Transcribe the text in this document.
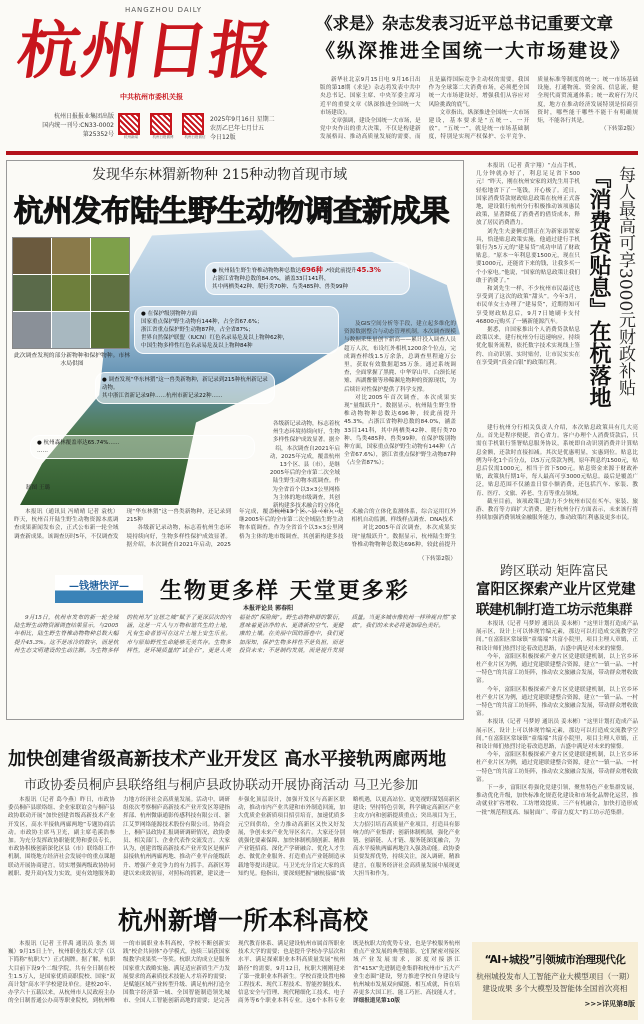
HANGZHOU DAILY
杭州日报
中共杭州市委机关报
杭州日报报业集团出版
国内统一刊号:CN33-0002
第25352号	杭州新闻	杭州日报微博	杭州日报微信
2025年9月16日 星期二
农历乙巳年七月廿五
今日12版
《求是》杂志发表习近平总书记重要文章
《纵深推进全国统一大市场建设》

新华社北京9月15日电 9月16日出版的第18期《求是》杂志将发表中共中央总书记、国家主席、中央军委主席习近平的重要文章《纵深推进全国统一大市场建设》。

文章强调，建设全国统一大市场，是党中央作出的重大决策，不仅是构建新发展格局、推动高质量发展的需要，而且是赢得国际竞争主动权的需要。我国作为全球第二大消费市场，必须把全国统一大市场建设好，增强我们从容应对风险挑战的底气。

文章指出，纵深推进全国统一大市场建设，基本要求是“五统一、一开放”。“五统一”，就是统一市场基础制度，特别是实现产权保护、公平竞争、质量标准等制度的统一；统一市场基础设施，打通物流、资金流、信息流，健全现代商贸流通体系；统一政府行为尺度，地方在推动经济发展特别是招商引资时，哪些能干哪些不能干有明确规矩，不能各行其是。

（下转第2版）
发现华东林猬新物种 215种动物首现市域
杭州发布陆生野生动物调查新成果
此次调查发现的部分新物种和保护物种。市林水局供图
● 杭州陆生野生脊椎动物物种总数达696种 ↗较此前提升45.3%
占浙江省物种总数的84.0%，涵盖33目141科，
其中两栖类42种、爬行类70种、鸟类485种、兽类99种
● 在保护级别物种方面
国家重点保护野生动物有144种，占全省67.6%；
浙江省重点保护野生动物87种，占全省87%；
世界自然保护联盟（IUCN）红色名录易危及以上物种62种，
中国生物多样性红色名录易危及以上物种84种
● 调查发现“华东林猬”这一兽类新物种，新记录到215种杭州新记录动物。
其中浙江省新记录9种……杭州市新记录22种……
● 杭州森林覆盖率达65.74%……
……
制图 王璐

及GIS空间分析等手段，建立起多维化的资源数据整合与动态管理机制。本次调查规模与数据采集量创下新高——累计投入调查人员超万人次，布设红外相机1200余个位点，完成调查样线1.5万余条，总调查里程逾万公里，获取有效数据超35万条。通过系统调查，全面掌握了黑麂、中华穿山甲、白颈长尾雉、西湖鳖鳌等珍稀濒危物种的资源现状，为后续针对性保护提供了科学支撑。

对比2005年首次调查，本次成果实现“量级跃升”。数据显示，杭州陆生野生脊椎动物物种总数达696种，较此前提升45.3%，占浙江省物种总数的84.0%，涵盖33目141科，其中两栖类42种、爬行类70种、鸟类485种、兽类99种。在保护级别物种方面，国家重点保护野生动物有144种（占全省67.6%），浙江省重点保护野生动物87种（占全省87%）；

各级新记录动物，标志着杭州生态环境持续向好，生物多样性保护成效显著。据介绍，本次调查自2021年启动，2025年完成，覆盖杭州13个区、县（市），是继2005年后的全市第二次全域陆生野生动物本底调查。作为全省首个以3×3公里网格为主体的地市级调查，其创新构建多技术融合的立体化

本报讯（通讯员 冯晴晴 记者 袁枕）昨天，杭州召开陆生野生动物资源本底调查成果新闻发布会，正式公布新一轮全域调查新成果。该调查历时5年，不仅调查发现“华东林猬”这一兽类新物种，还记录到215种

各级新记录动物，标志着杭州生态环境持续向好，生物多样性保护成效显著。据介绍，本次调查自2021年启动，2025年完成，覆盖杭州13个区、县（市），是继2005年后的全市第二次全域陆生野生动物本底调查。作为全省首个以3×3公里网格为主体的地市级调查，其创新构建多技术融合的立体化监测体系，综合运用红外相机自动监测、样线样点调查、DNA技术

对比2005年首次调查，本次成果实现“量级跃升”。数据显示，杭州陆生野生脊椎动物物种总数达696种，较此前提升

（下转第2版）
—钱塘快评—	生物更多样 天堂更多彩
本报评论员 郭春阳

9月15日，杭州市发布的新一轮全域陆生野生动物资源调查结果显示，与2005年相比，陆生野生脊椎动物物种总数大幅提升45.3%。这不是冰冷的数字，而是杭州生态文明建设的生动注脚。为生物多样的杭州为“宜居之城”赋予了更深层次的内涵，这是一片人与万物和谐共生的土地，凡有生命者皆可在这片土地上安生乐业。市与原始野性生命能够无美共存。生物多样性，是环境质量的“试金石”，更是人类福祉的“保险阀”。野生动物种群的繁衍，意味着更洁净的水、更清新的空气、更健康的土壤。在美丽中国的画卷中，我们更加深知，保护生物多样性不是负担，而是投资未来；不是制约发展，而是提升发展质量。当更多城市像杭州一样珍视自然“家底”，我们的未来必将更加绿色美好。

每人最高可享3000元财政补贴
『消费贷贴息』在杭落地

本报讯（记者 黄宇翔）“点点手机，几分钟就办好了，利息足足省下500元！”昨天，刚在杭州安家的刘先生用手机轻松地省下了一笔钱，开心极了。近日，国家消费贷款财政贴息政策在杭州正式落地，建设银行杭州分行积极推动该项惠民政策，显著降低了消费者的借贷成本，释放了居民消费潜力。

刘先生夫妻俩近期正在为新家添置家具，恰逢贴息政策实施，他通过建行手机银行为5万元的“建易贷”成功申请了财政贴息。“原本一年利息要1500元，现在只要1000元，还能省下来的钱，让我多买一个小家电。”他说，“国家的贴息政策让我们敢于消费了。”

和刘先生一样，不少杭州市民最近也享受到了这次的政策“甜头”。今年3月，市民单女士办理了“建易贷”，近期得知可享受财政贴息后，9月7日她刷卡支付46800元购买了一辆新能源汽车。

据悉，自国家推出个人消费贷款贴息政策以来，建行杭州分行迅速响应，持续优化服务流程，依托数字技术实现线上签约、自动识别、实时贴付，让市民实实在在享受到“真金白银”的政策红利。

建行杭州分行相关负责人介绍，本次贴息政策具有几大亮点。首先是程序便捷，省心省力。客户办理个人消费贷款后，只需在手机银行签署贴息服务协议，系统即自动识别消费并计算贴息金额，还款时直接扣减。其次是优惠明显，实惠到位。贴息比例为年化1个百分点，以5万元贷款为例，原年利息约1500元，贴息后仅需1000元，相当于省下500元。贴息资金来源于财政补贴，政策执行期1年，每人最高可享3000元贴息。最后是覆盖广泛，贴息范围不仅涵盖日常小额消费，还包括汽车、家装、教育、医疗、文旅、养老、生育等重点领域。

截至目前，该项政策已助力不少杭州市民在买车、家装、旅游、教育等方面扩大消费。建行杭州分行方面表示，未来该行将持续加强消费领域金融服务能力，推动政策红利惠及更多市民。

跨区联动 矩阵富民
富阳区探索产业片区党建
联建机制打造工坊示范集群

本报讯（记者 马梦婷 通讯员 姜未彬）“这里计划打造成产品展示区，设计上可以体现竹编元素，那边可以打造成交流教学空间。”在富阳区常绿镇“童端端”共富小院里，项目主理人章嫣，正和设计师们热烈讨论着改造思路，吉盛中满是对未来的憧憬。

今年，富阳区积极探索产业片区党建联建机制，以上官乡环杜产业片区为例，通过党建联建整合资源，建立“一镇一品、一村一特色”的共富工坊矩阵，推动农文旅融合发展，带动群众增收致富。

今年，富阳区积极探索产业片区党建联建机制，以上官乡环杜产业片区为例，通过党建联建整合资源，建立“一镇一品、一村一特色”的共富工坊矩阵，推动农文旅融合发展，带动群众增收致富。

本报讯（记者 马梦婷 通讯员 姜未彬）“这里计划打造成产品展示区，设计上可以体现竹编元素，那边可以打造成交流教学空间。”在富阳区常绿镇“童端端”共富小院里，项目主理人章嫣，正和设计师们热烈讨论着改造思路，吉盛中满是对未来的憧憬。

今年，富阳区积极探索产业片区党建联建机制，以上官乡环杜产业片区为例，通过党建联建整合资源，建立“一镇一品、一村一特色”的共富工坊矩阵，推动农文旅融合发展，带动群众增收致富。

下一步，富阳区将强化党建引领，聚焦特色产业集群发展，推动优化升级，加快标准化规范化建设和市场化品牌化运营，推动就业扩容增收、工坊增效提质、三产有机融合，加快打造形成一批“规范程度高、辐射面广、带富力度大”的工坊示范集群。

“AI+城投”引领城市治理现代化
杭州城投发布人工智能产业大模型项目（一期）
建设成果 多个大模型及智能体全国首次亮相
>>>详见第8版
加快创建省级高新技术产业开发区 高水平接轨两廊两地
市政协委员桐庐县联络组与桐庐县政协联动开展协商活动 马卫光参加

本报讯（记者 葛今燕）昨日，市政协委员桐庐县联络组、企业家联谊会与桐庐县政协联动开展“加快创建省级高新技术产业开发区，高水平接轨两廊两地”专题协商活动。市政协主席马卫光，副主席毛溪浩参加。为充分发挥政协职能优势和委员专长，市政协积极创新深化区县（市）联络组工作机制，围绕地方经济社会发展中的重点课题联动开展协商建言，切实增强两级政协协同履职、提升双向发力实效，更有效地服务助力地方经济社会高质量发展。活动中，调研组依次考察桐庐高新技术产业开发区筹建指挥部、杭州微康通影传感科技有限公司、浙江艾罗网络能源技术股份有限公司。协商会上，桐庐县政协汇报调研调研情况，政协委员、相关部门、企业代表作交流发言。大家认为，创建省级高新技术产业开发区是桐庐县接轨杭州两廊两地、推动产业平台能级跃升、增强产业竞争力的有力抓手。高新区筹建以来成效初显，对照标的抓紧，建议进一步强化顶层设计，加强开发区与高新区联动，推动市内产业共建和市外制造回流，加大优质企业新质项目招引培育，加速优质多元空间供给，全力推动高新区又快又好发展，争创未来产业先导区名片。大家还分别就强化要素保障、加快体制机制创新、精准产业链招商、深化产学研融合、优化人才生态、做优企业服务、打造重点产业链制造承载地等提出建议。马卫光充分肯定大家的真知灼见。他指出，要深刻把握“融杭接廊”战略机遇，以更高站位、更宽视野谋划高新区建设；坚持特色引领，科学确定高新区产业主攻方向和创新提质重点；突出项目为王，大力招引培育高质量产业项目，打造具有影响力的产业集群；创新体制机制，强化产业链、创新链、人才链、服务链深度融合，为高水平接轨两廊两地注入强劲动能。政协委员要发挥优势，持续关注，深入调研，精准建言，在服务经济社会高质量发展中展现更大担当和作为。

杭州新增一所本科高校

本报讯（记者 王伴禹 通讯员 张杰 周巍）9月15日上午，杭州职业技术大学（以下简称“杭职大”）正式揭牌。据了解，杭职大目前下设9个二级学院，共有全日制在校生1.5万人，是国家优质高职院校、国家“双高计划”高水平学校建设单位。建校20年、办学六十五载以来，从杭州市人民政府主办的全日制普通公办高等职业院校，到杭州唯一的市属职业本科高校，学校不断创新实践“校企共同体”办学模式，连续三届获国家级教学成果奖一等奖。杭职大的成立是服务国家重大战略实施、满足适应新质生产力发展要求的高素质技术技能人才培养的需要；是赋能区域产业转型升级、满足杭州打造全国数字经济第一城、全国智能制造领先城市、全国人工智能创新高地的需要；是完善现代教育体系、满足建设杭州市属首所职业技术大学的需要；也是提升学校办学层次和水平、满足探索职业本科高质量发展“杭州路径”的需要。9月12日，杭职大刚刚迎来了第一批职业本科新生。学校首批设置电梯工程技术、现代工程技术、智能控制技术、信息安全与管理、现代精细化工技术、电子商务等6个职业本科专业。这6个本科专业既是杭职大的优势专业，也是学校服务杭州重点产业发展的典型缩影。它们紧密对接区域产业发展需求，深度对接浙江省“415X”先进制造业集群和杭州市“五大产业生态圈”建设，努力推进学校自身建设与杭州城市发展双向赋能、相互成就，旨在培养更多大国工匠、能工巧匠、高技能人才。

详细报道见第10版
